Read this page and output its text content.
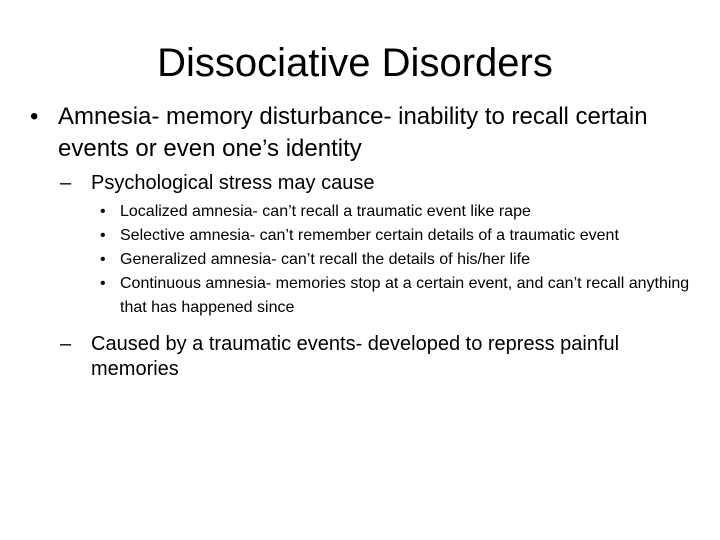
Dissociative Disorders
• Amnesia- memory disturbance- inability to recall certain events or even one’s identity
– Psychological stress may cause
• Localized amnesia- can’t recall a traumatic event like rape
• Selective amnesia- can’t remember certain details of a traumatic event
• Generalized amnesia- can’t recall the details of his/her life
• Continuous amnesia- memories stop at a certain event, and can’t recall anything that has happened since
– Caused by a traumatic events- developed to repress painful memories
